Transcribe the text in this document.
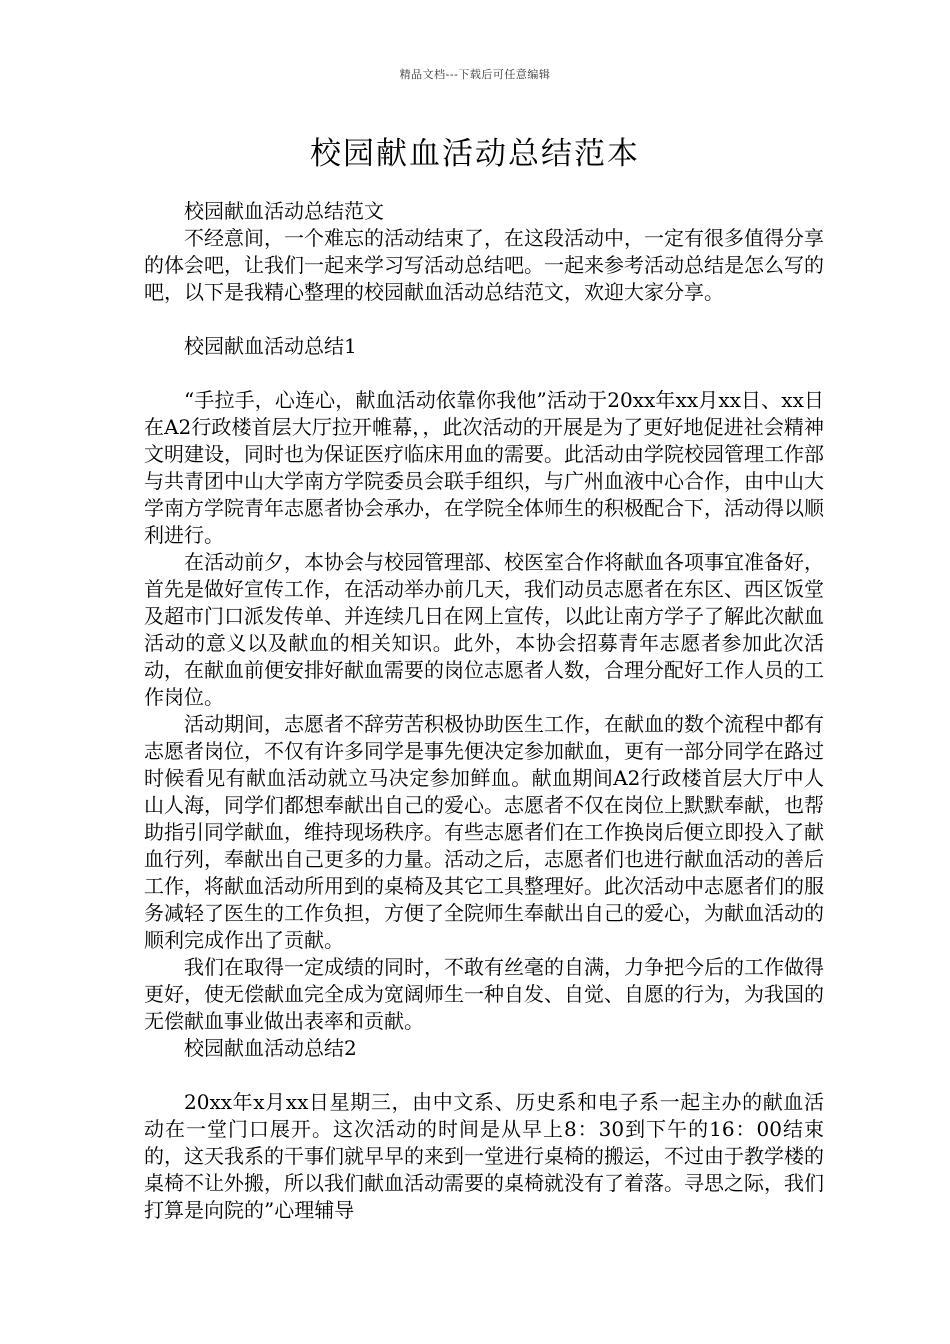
精品文档---下载后可任意编辑
校园献血活动总结范本

校园献血活动总结范文

不经意间，一个难忘的活动结束了，在这段活动中，一定有很多值得分享的体会吧，让我们一起来学习写活动总结吧。一起来参考活动总结是怎么写的吧，以下是我精心整理的校园献血活动总结范文，欢迎大家分享。

校园献血活动总结1

“手拉手，心连心，献血活动依靠你我他”活动于20xx年xx月xx日、xx日在A2行政楼首层大厅拉开帷幕，，此次活动的开展是为了更好地促进社会精神文明建设，同时也为保证医疗临床用血的需要。此活动由学院校园管理工作部与共青团中山大学南方学院委员会联手组织，与广州血液中心合作，由中山大学南方学院青年志愿者协会承办，在学院全体师生的积极配合下，活动得以顺利进行。

在活动前夕，本协会与校园管理部、校医室合作将献血各项事宜准备好，首先是做好宣传工作，在活动举办前几天，我们动员志愿者在东区、西区饭堂及超市门口派发传单、并连续几日在网上宣传，以此让南方学子了解此次献血活动的意义以及献血的相关知识。此外，本协会招募青年志愿者参加此次活动，在献血前便安排好献血需要的岗位志愿者人数，合理分配好工作人员的工作岗位。

活动期间，志愿者不辞劳苦积极协助医生工作，在献血的数个流程中都有志愿者岗位，不仅有许多同学是事先便决定参加献血，更有一部分同学在路过时候看见有献血活动就立马决定参加鲜血。献血期间A2行政楼首层大厅中人山人海，同学们都想奉献出自己的爱心。志愿者不仅在岗位上默默奉献，也帮助指引同学献血，维持现场秩序。有些志愿者们在工作换岗后便立即投入了献血行列，奉献出自己更多的力量。活动之后，志愿者们也进行献血活动的善后工作，将献血活动所用到的桌椅及其它工具整理好。此次活动中志愿者们的服务减轻了医生的工作负担，方便了全院师生奉献出自己的爱心，为献血活动的顺利完成作出了贡献。

我们在取得一定成绩的同时，不敢有丝毫的自满，力争把今后的工作做得更好，使无偿献血完全成为宽阔师生一种自发、自觉、自愿的行为，为我国的无偿献血事业做出表率和贡献。

校园献血活动总结2

20xx年x月xx日星期三，由中文系、历史系和电子系一起主办的献血活动在一堂门口展开。这次活动的时间是从早上8：30到下午的16：00结束的，这天我系的干事们就早早的来到一堂进行桌椅的搬运，不过由于教学楼的桌椅不让外搬，所以我们献血活动需要的桌椅就没有了着落。寻思之际，我们打算是向院的”心理辅导
